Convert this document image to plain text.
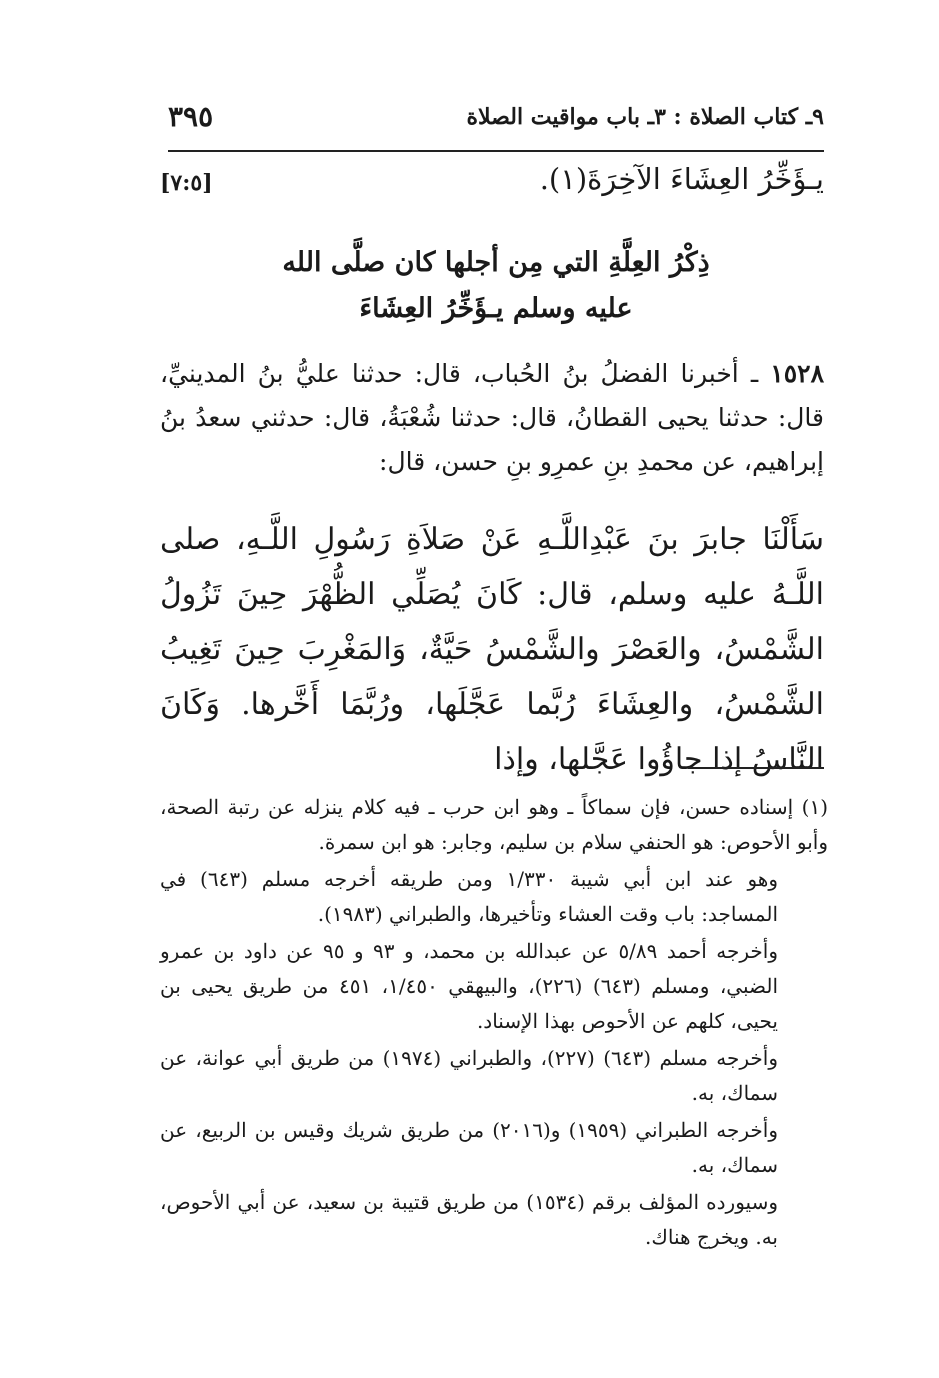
٩ـ كتاب الصلاة : ٣ـ باب مواقيت الصلاة
٣٩٥
يـؤَخِّرُ العِشَاءَ الآخِرَةَ(١).
[٧:٥]
ذِكْرُ العِلَّةِ التي مِن أجلها كان صلَّى الله
عليه وسلم يـؤَخِّرُ العِشَاءَ
١٥٢٨ ـ أخبرنا الفضلُ بنُ الحُباب، قال: حدثنا عليُّ بنُ المدينيِّ، قال: حدثنا يحيى القطانُ، قال: حدثنا شُعْبَةُ، قال: حدثني سعدُ بنُ إبراهيم، عن محمدِ بنِ عمرِو بنِ حسن، قال:
سَأَلْنَا جابرَ بنَ عَبْدِاللَّـهِ عَنْ صَلاَةِ رَسُولِ اللَّـهِ، صلى اللَّـهُ عليه وسلم، قال: كَانَ يُصَلِّي الظُّهْرَ حِينَ تَزُولُ الشَّمْسُ، والعَصْرَ والشَّمْسُ حَيَّةٌ، وَالمَغْرِبَ حِينَ تَغِيبُ الشَّمْسُ، والعِشَاءَ رُبَّما عَجَّلَها، ورُبَّمَا أَخَّرها. وَكَانَ النَّاسُ إذا جاؤُوا عَجَّلها، وإذا

(١) إسناده حسن، فإن سماكاً ـ وهو ابن حرب ـ فيه كلام ينزله عن رتبة الصحة، وأبو الأحوص: هو الحنفي سلام بن سليم، وجابر: هو ابن سمرة.

وهو عند ابن أبي شيبة ١/٣٣٠ ومن طريقه أخرجه مسلم (٦٤٣) في المساجد: باب وقت العشاء وتأخيرها، والطبراني (١٩٨٣).

وأخرجه أحمد ٥/٨٩ عن عبدالله بن محمد، و ٩٣ و ٩٥ عن داود بن عمرو الضبي، ومسلم (٦٤٣) (٢٢٦)، والبيهقي ١/٤٥٠، ٤٥١ من طريق يحيى بن يحيى، كلهم عن الأحوص بهذا الإسناد.

وأخرجه مسلم (٦٤٣) (٢٢٧)، والطبراني (١٩٧٤) من طريق أبي عوانة، عن سماك، به.

وأخرجه الطبراني (١٩٥٩) و(٢٠١٦) من طريق شريك وقيس بن الربيع، عن سماك، به.

وسيورده المؤلف برقم (١٥٣٤) من طريق قتيبة بن سعيد، عن أبي الأحوص، به. ويخرج هناك.
